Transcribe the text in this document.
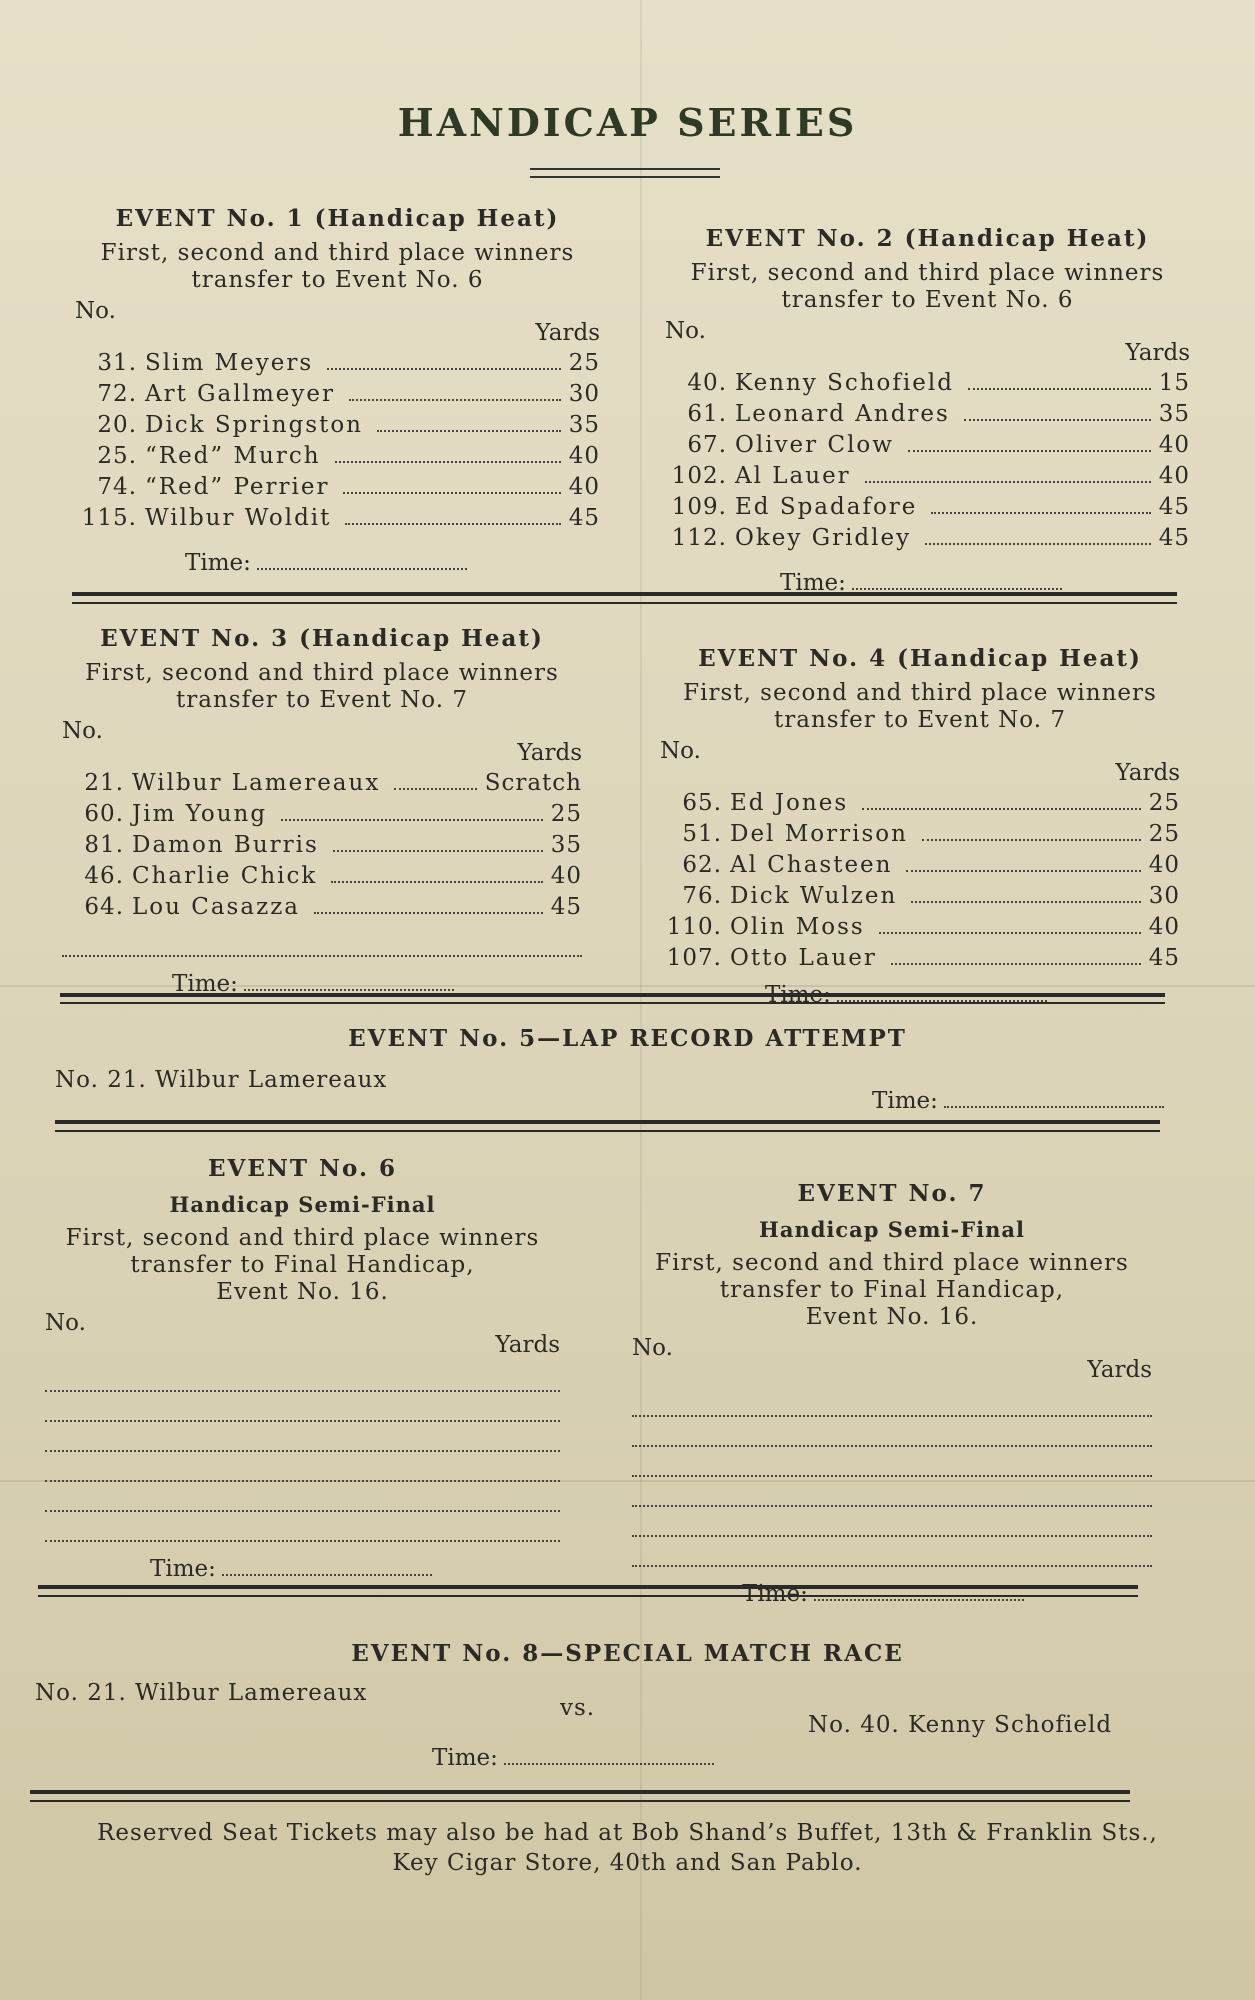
HANDICAP SERIES
EVENT No. 1 (Handicap Heat)
First, second and third place winners
transfer to Event No. 6
No.
Yards
31. Slim Meyers	25
72. Art Gallmeyer	30
20. Dick Springston	35
25. “Red” Murch	40
74. “Red” Perrier	40
115. Wilbur Woldit	45
Time:
EVENT No. 2 (Handicap Heat)
First, second and third place winners
transfer to Event No. 6
No.
Yards
40. Kenny Schofield	15
61. Leonard Andres	35
67. Oliver Clow	40
102. Al Lauer	40
109. Ed Spadafore	45
112. Okey Gridley	45
Time:
EVENT No. 3 (Handicap Heat)
First, second and third place winners
transfer to Event No. 7
No.
Yards
21. Wilbur Lamereaux	Scratch
60. Jim Young	25
81. Damon Burris	35
46. Charlie Chick	40
64. Lou Casazza	45
Time:
EVENT No. 4 (Handicap Heat)
First, second and third place winners
transfer to Event No. 7
No.
Yards
65. Ed Jones	25
51. Del Morrison	25
62. Al Chasteen	40
76. Dick Wulzen	30
110. Olin Moss	40
107. Otto Lauer	45
Time:
EVENT No. 5—LAP RECORD ATTEMPT
No. 21. Wilbur Lamereaux
Time:
EVENT No. 6
Handicap Semi-Final
First, second and third place winners
transfer to Final Handicap,
Event No. 16.
No.
Yards
Time:
EVENT No. 7
Handicap Semi-Final
First, second and third place winners
transfer to Final Handicap,
Event No. 16.
No.
Yards
Time:
EVENT No. 8—SPECIAL MATCH RACE
No. 21. Wilbur Lamereaux
vs.
No. 40. Kenny Schofield
Time:
Reserved Seat Tickets may also be had at Bob Shand’s Buffet, 13th & Franklin Sts.,
Key Cigar Store, 40th and San Pablo.
